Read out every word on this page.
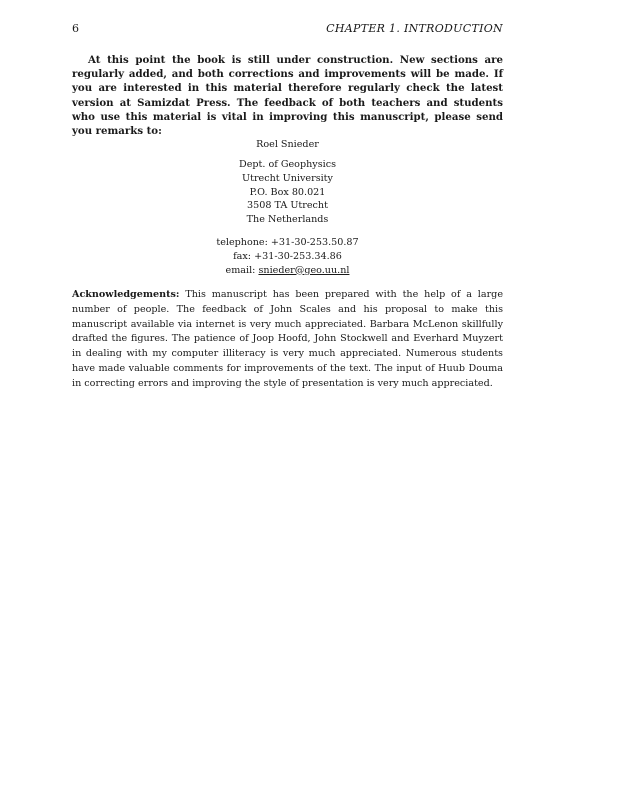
6	CHAPTER 1. INTRODUCTION

At this point the book is still under construction. New sections are regularly added, and both corrections and improvements will be made. If you are interested in this material therefore regularly check the latest version at Samizdat Press. The feedback of both teachers and students who use this material is vital in improving this manuscript, please send you remarks to:

Roel Snieder
Dept. of Geophysics
Utrecht University
P.O. Box 80.021
3508 TA Utrecht
The Netherlands
telephone: +31-30-253.50.87
fax: +31-30-253.34.86
email: snieder@geo.uu.nl

Acknowledgements: This manuscript has been prepared with the help of a large number of people. The feedback of John Scales and his proposal to make this manuscript available via internet is very much appreciated. Barbara McLenon skillfully drafted the figures. The patience of Joop Hoofd, John Stockwell and Everhard Muyzert in dealing with my computer illiteracy is very much appreciated. Numerous students have made valuable comments for improvements of the text. The input of Huub Douma in correcting errors and improving the style of presentation is very much appreciated.
